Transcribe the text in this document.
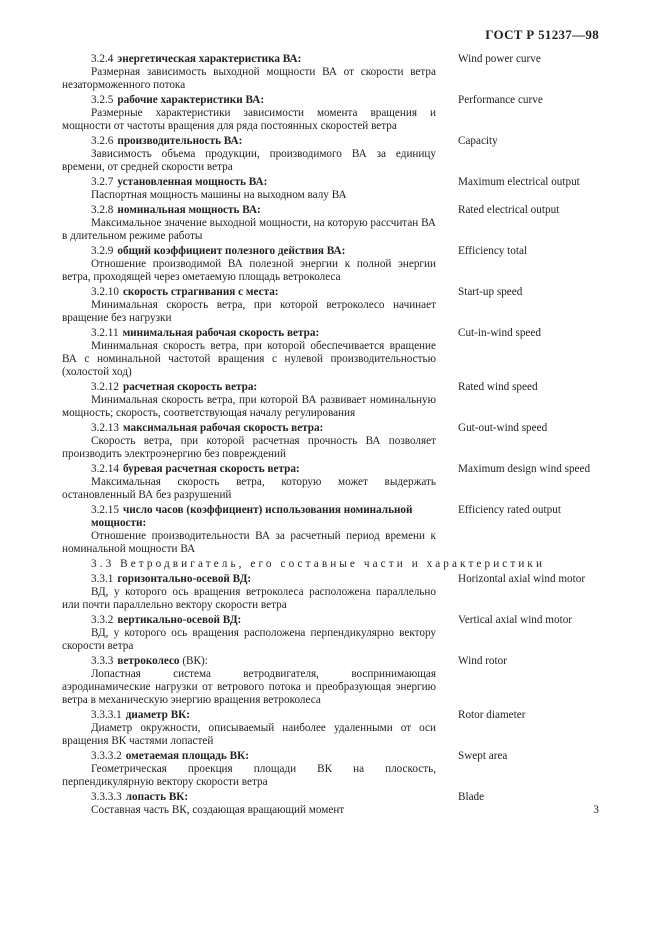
ГОСТ Р 51237—98
3.2.4 энергетическая характеристика ВА:
Размерная зависимость выходной мощности ВА от скорости ветра незаторможенного потока
Wind power curve
3.2.5 рабочие характеристики ВА:
Размерные характеристики зависимости момента вращения и мощности от частоты вращения для ряда постоянных скоростей ветра
Performance curve
3.2.6 производительность ВА:
Зависимость объема продукции, производимого ВА за единицу времени, от средней скорости ветра
Capacity
3.2.7 установленная мощность ВА:
Паспортная мощность машины на выходном валу ВА
Maximum electrical output
3.2.8 номинальная мощность ВА:
Максимальное значение выходной мощности, на которую рассчитан ВА в длительном режиме работы
Rated electrical output
3.2.9 общий коэффициент полезного действия ВА:
Отношение производимой ВА полезной энергии к полной энергии ветра, проходящей через ометаемую площадь ветроколеса
Efficiency total
3.2.10 скорость страгивания с места:
Минимальная скорость ветра, при которой ветроколесо начинает вращение без нагрузки
Start-up speed
3.2.11 минимальная рабочая скорость ветра:
Минимальная скорость ветра, при которой обеспечивается вращение ВА с номинальной частотой вращения с нулевой производительностью (холостой ход)
Cut-in-wind speed
3.2.12 расчетная скорость ветра:
Минимальная скорость ветра, при которой ВА развивает номинальную мощность; скорость, соответствующая началу регулирования
Rated wind speed
3.2.13 максимальная рабочая скорость ветра:
Скорость ветра, при которой расчетная прочность ВА позволяет производить электроэнергию без повреждений
Gut-out-wind speed
3.2.14 буревая расчетная скорость ветра:
Максимальная скорость ветра, которую может выдержать остановленный ВА без разрушений
Maximum design wind speed
3.2.15 число часов (коэффициент) использования номинальной мощности:
Отношение производительности ВА за расчетный период времени к номинальной мощности ВА
Efficiency rated output
3.3 Ветродвигатель, его составные части и характеристики
3.3.1 горизонтально-осевой ВД:
ВД, у которого ось вращения ветроколеса расположена параллельно или почти параллельно вектору скорости ветра
Horizontal axial wind motor
3.3.2 вертикально-осевой ВД:
ВД, у которого ось вращения расположена перпендикулярно вектору скорости ветра
Vertical axial wind motor
3.3.3 ветроколесо (ВК):
Лопастная система ветродвигателя, воспринимающая аэродинамические нагрузки от ветрового потока и преобразующая энергию ветра в механическую энергию вращения ветроколеса
Wind rotor
3.3.3.1 диаметр ВК:
Диаметр окружности, описываемый наиболее удаленными от оси вращения ВК частями лопастей
Rotor diameter
3.3.3.2 ометаемая площадь ВК:
Геометрическая проекция площади ВК на плоскость, перпендикулярную вектору скорости ветра
Swept area
3.3.3.3 лопасть ВК:
Составная часть ВК, создающая вращающий момент
Blade
3
